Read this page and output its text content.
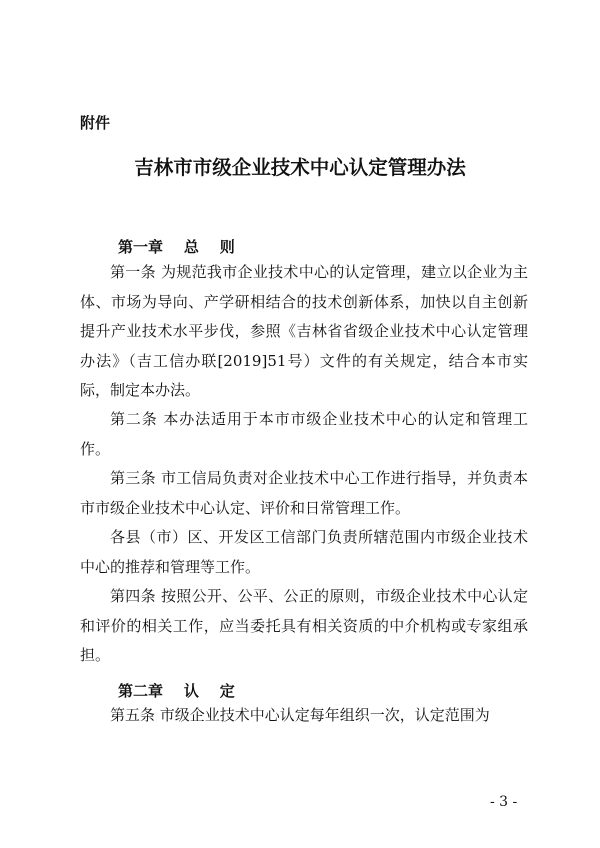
附件
吉林市市级企业技术中心认定管理办法
第一章    总    则

第一条 为规范我市企业技术中心的认定管理，建立以企业为主体、市场为导向、产学研相结合的技术创新体系，加快以自主创新提升产业技术水平步伐，参照《吉林省省级企业技术中心认定管理办法》（吉工信办联[2019]51号）文件的有关规定，结合本市实际，制定本办法。

第二条 本办法适用于本市市级企业技术中心的认定和管理工作。

第三条 市工信局负责对企业技术中心工作进行指导，并负责本市市级企业技术中心认定、评价和日常管理工作。

各县（市）区、开发区工信部门负责所辖范围内市级企业技术中心的推荐和管理等工作。

第四条 按照公开、公平、公正的原则，市级企业技术中心认定和评价的相关工作，应当委托具有相关资质的中介机构或专家组承担。

第二章    认    定

第五条 市级企业技术中心认定每年组织一次，认定范围为

- 3 -
